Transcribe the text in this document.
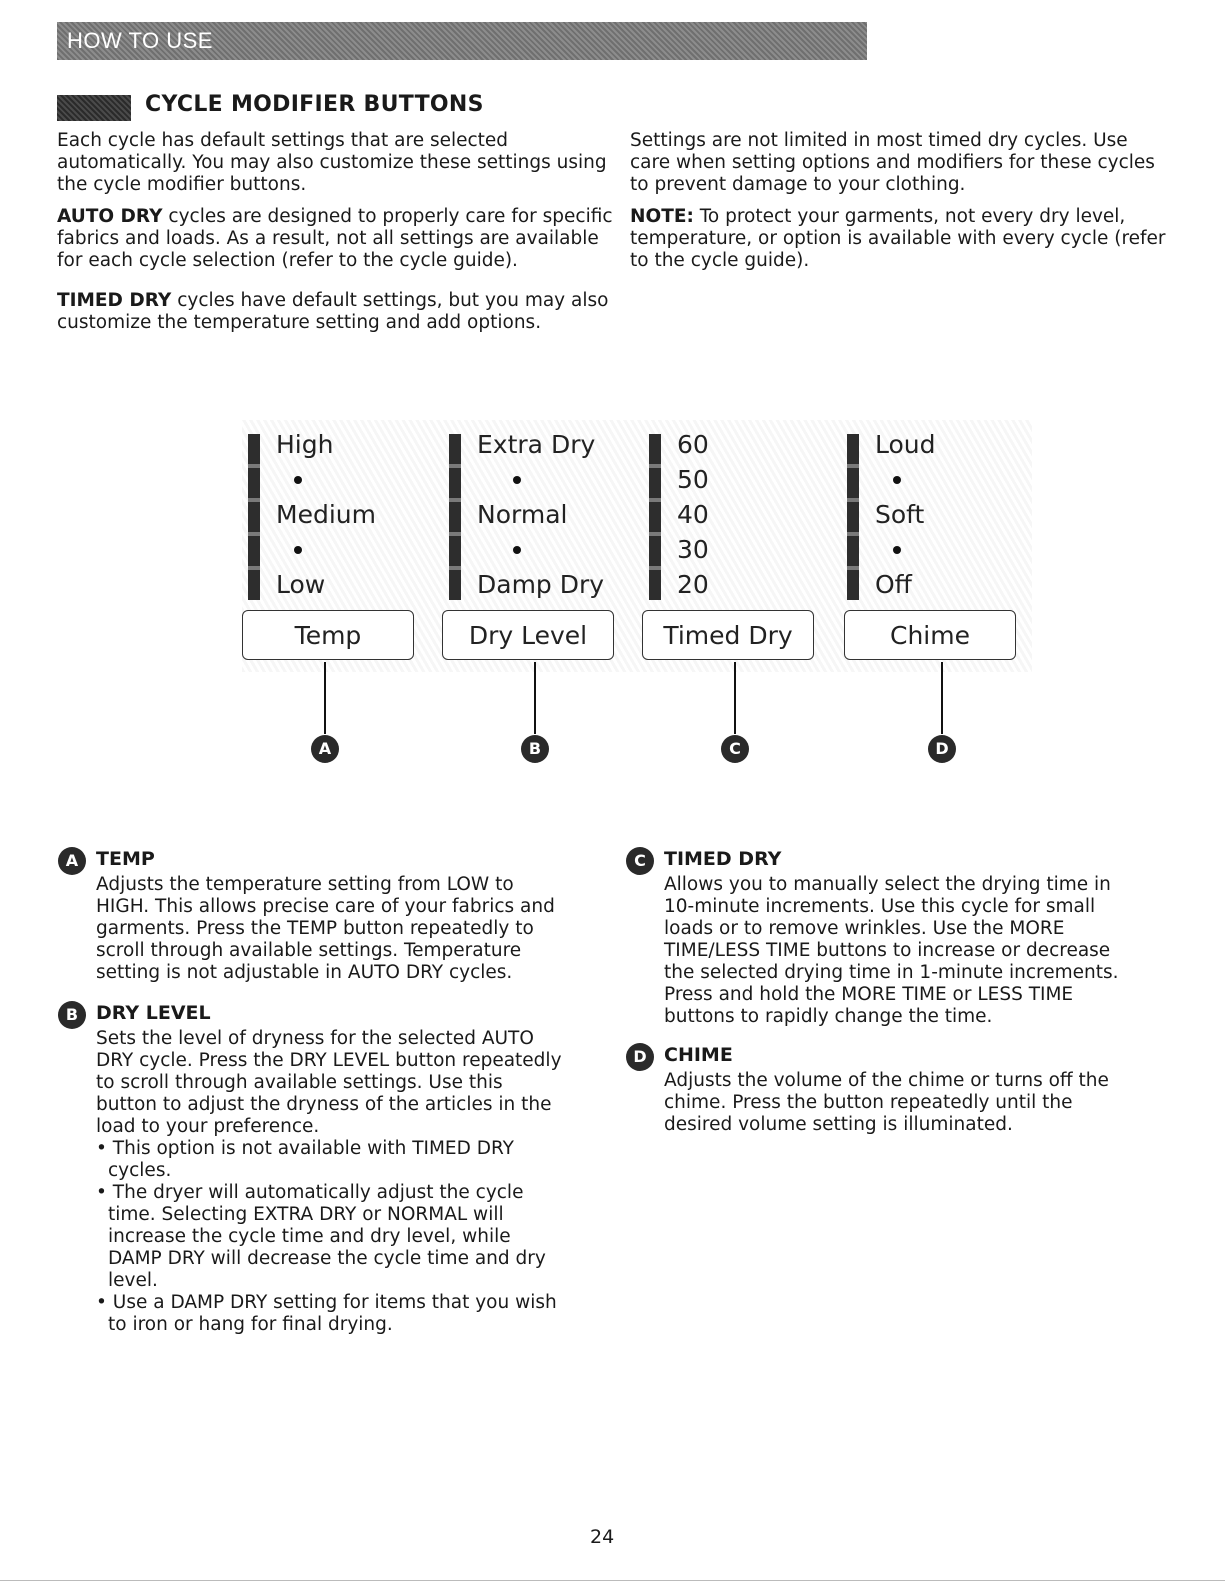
HOW TO USE
CYCLE MODIFIER BUTTONS

Each cycle has default settings that are selected automatically. You may also customize these settings using the cycle modifier buttons.

AUTO DRY cycles are designed to properly care for specific fabrics and loads. As a result, not all settings are available for each cycle selection (refer to the cycle guide).

TIMED DRY cycles have default settings, but you may also customize the temperature setting and add options.

Settings are not limited in most timed dry cycles. Use care when setting options and modifiers for these cycles to prevent damage to your clothing.

NOTE: To protect your garments, not every dry level, temperature, or option is available with every cycle (refer to the cycle guide).

High
Medium
Low
Extra Dry
Normal
Damp Dry
60
50
40
30
20
Loud
Soft
Off
Temp	Dry Level	Timed Dry	Chime
A	B	C	D
A TEMP
Adjusts the temperature setting from LOW to HIGH. This allows precise care of your fabrics and garments. Press the TEMP button repeatedly to scroll through available settings. Temperature setting is not adjustable in AUTO DRY cycles.
B DRY LEVEL
Sets the level of dryness for the selected AUTO DRY cycle. Press the DRY LEVEL button repeatedly to scroll through available settings. Use this button to adjust the dryness of the articles in the load to your preference.
• This option is not available with TIMED DRY cycles.
• The dryer will automatically adjust the cycle time. Selecting EXTRA DRY or NORMAL will increase the cycle time and dry level, while DAMP DRY will decrease the cycle time and dry level.
• Use a DAMP DRY setting for items that you wish to iron or hang for final drying.
C TIMED DRY
Allows you to manually select the drying time in 10-minute increments. Use this cycle for small loads or to remove wrinkles. Use the MORE TIME/LESS TIME buttons to increase or decrease the selected drying time in 1-minute increments. Press and hold the MORE TIME or LESS TIME buttons to rapidly change the time.
D CHIME
Adjusts the volume of the chime or turns off the chime. Press the button repeatedly until the desired volume setting is illuminated.
24
